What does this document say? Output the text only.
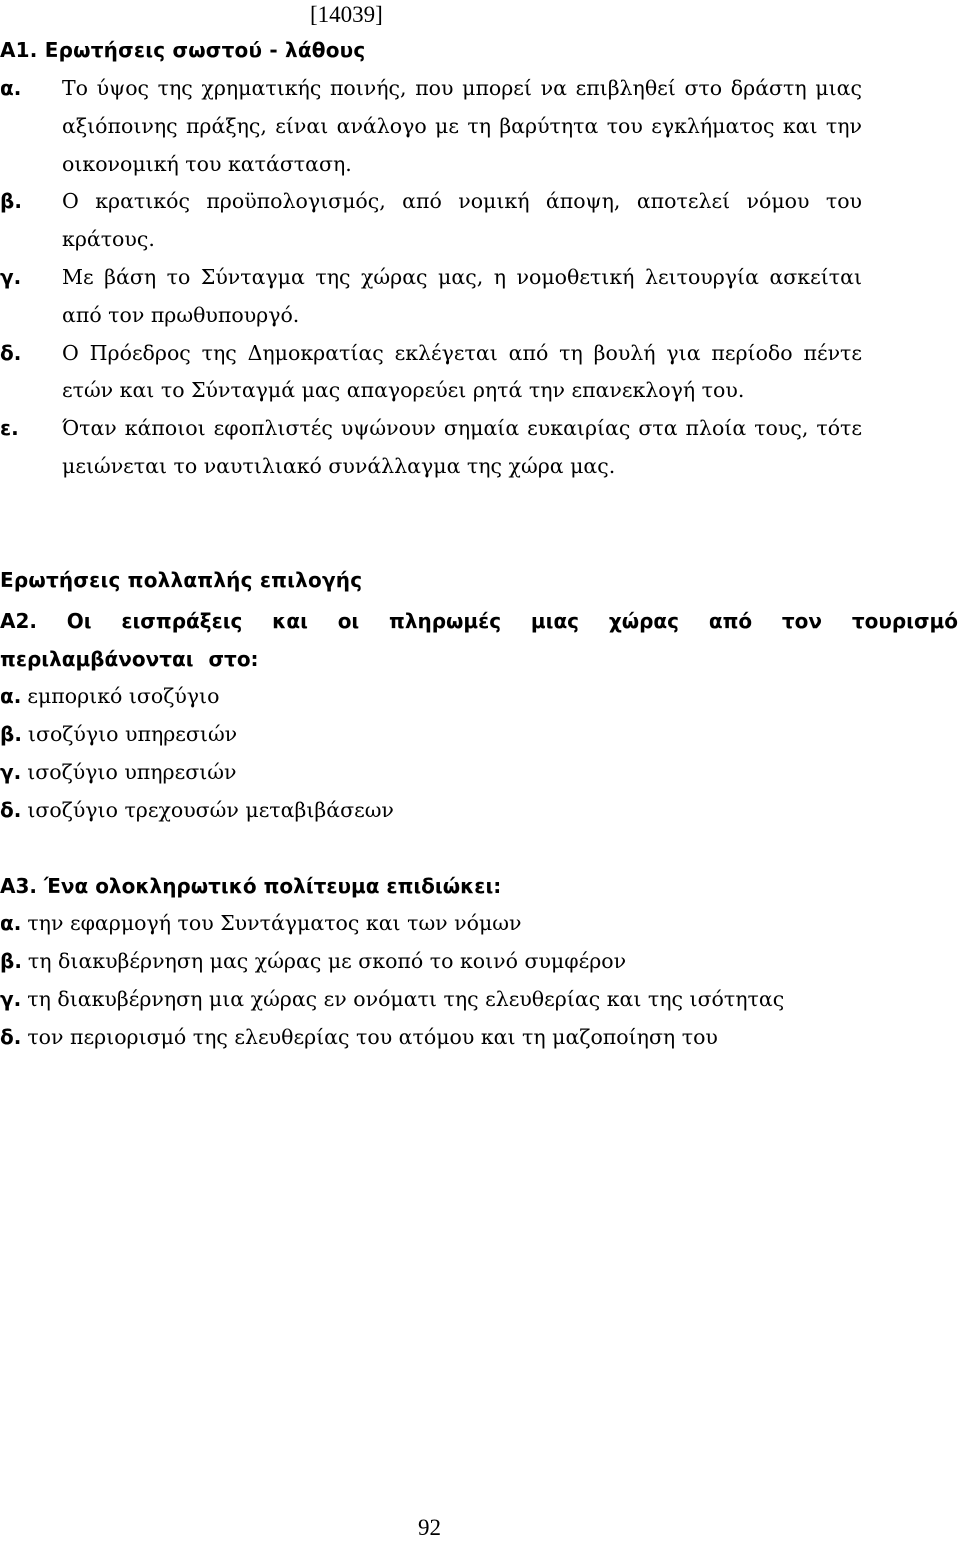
[14039]
Α1. Ερωτήσεις σωστού - λάθους
α. Το ύψος της χρηματικής ποινής, που μπορεί να επιβληθεί στο δράστη μιας αξιόποινης πράξης, είναι ανάλογο με τη βαρύτητα του εγκλήματος και την οικονομική του κατάσταση.
β. Ο κρατικός προϋπολογισμός, από νομική άποψη, αποτελεί νόμου του κράτους.
γ. Με βάση το Σύνταγμα της χώρας μας, η νομοθετική λειτουργία ασκείται από τον πρωθυπουργό.
δ. Ο Πρόεδρος της Δημοκρατίας εκλέγεται από τη βουλή για περίοδο πέντε ετών και το Σύνταγμά μας απαγορεύει ρητά την επανεκλογή του.
ε. Όταν κάποιοι εφοπλιστές υψώνουν σημαία ευκαιρίας στα πλοία τους, τότε μειώνεται το ναυτιλιακό συνάλλαγμα της χώρα μας.
Ερωτήσεις πολλαπλής επιλογής
Α2. Οι εισπράξεις και οι πληρωμές μιας χώρας από τον τουρισμό περιλαμβάνονται στο:
α. εμπορικό ισοζύγιο
β. ισοζύγιο υπηρεσιών
γ. ισοζύγιο υπηρεσιών
δ. ισοζύγιο τρεχουσών μεταβιβάσεων
Α3. Ένα ολοκληρωτικό πολίτευμα επιδιώκει:
α. την εφαρμογή του Συντάγματος και των νόμων
β. τη διακυβέρνηση μας χώρας με σκοπό το κοινό συμφέρον
γ. τη διακυβέρνηση μια χώρας εν ονόματι της ελευθερίας και της ισότητας
δ. τον περιορισμό της ελευθερίας του ατόμου και τη μαζοποίηση του
92
